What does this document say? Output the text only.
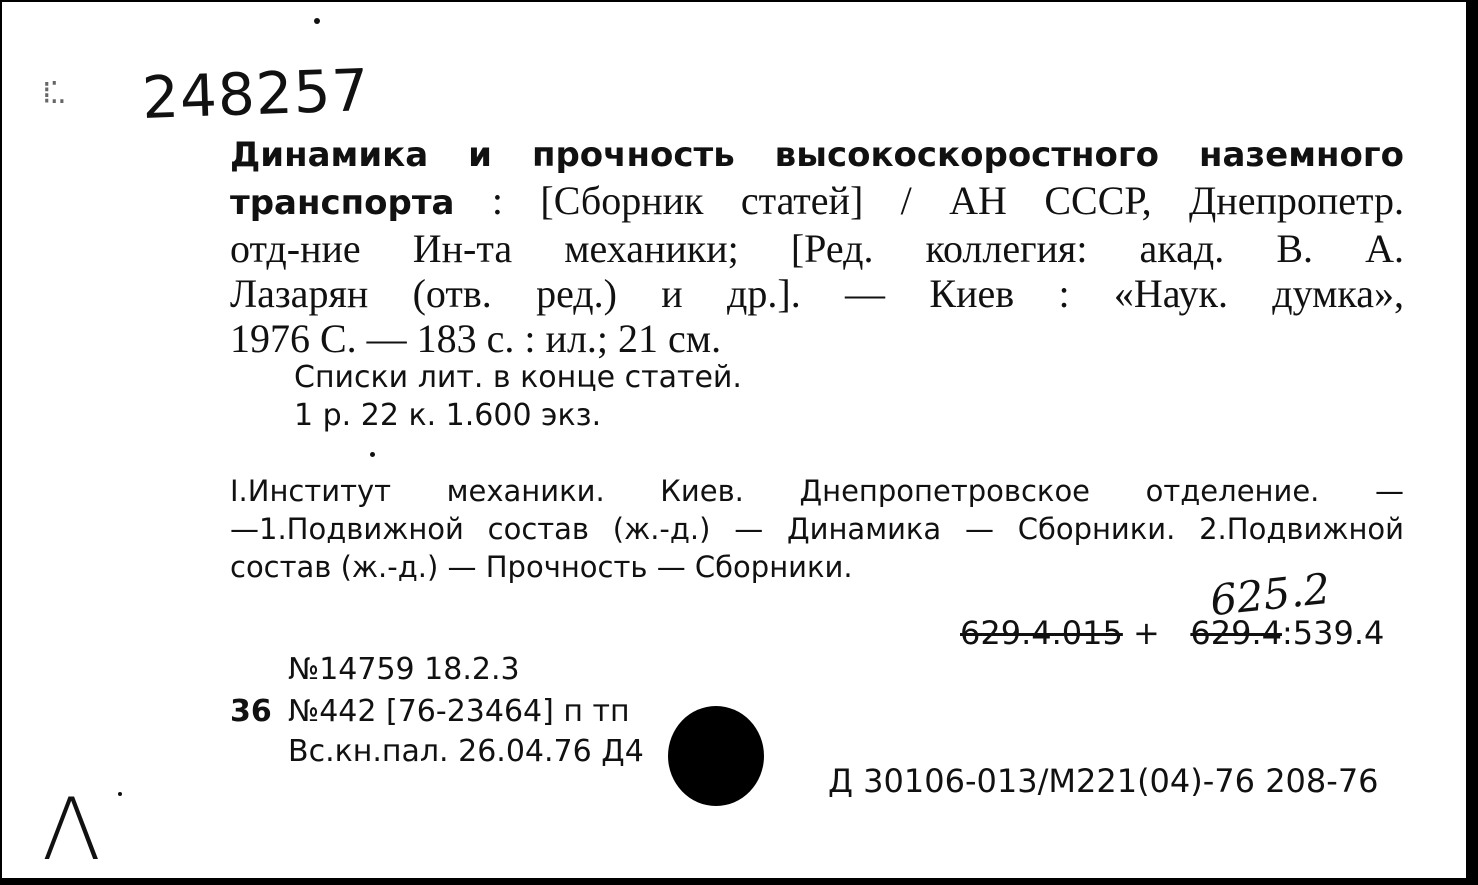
⁞⁚. 248257
Динамика и прочность высокоскоростного наземного
транспорта : [Сборник статей] / АН СССР, Днепропетр.
отд-ние Ин-та механики; [Ред. коллегия: акад. В. А.
Лазарян (отв. ред.) и др.]. — Киев : «Наук. думка»,
1976 С. — 183 с. : ил.; 21 см.
Списки лит. в конце статей.
1 р. 22 к. 1.600 экз.
I.Институт механики. Киев. Днепропетровское отделение. —
—1.Подвижной состав (ж.-д.) — Динамика — Сборники. 2.Подвижной
состав (ж.-д.) — Прочность — Сборники.	625.2
629.4.015 +   629.4:539.4
№14759 18.2.3
36 №442 [76-23464] п тп
Вс.кн.пал. 26.04.76 Д4
Д 30106-013/М221(04)-76 208-76
Λ
